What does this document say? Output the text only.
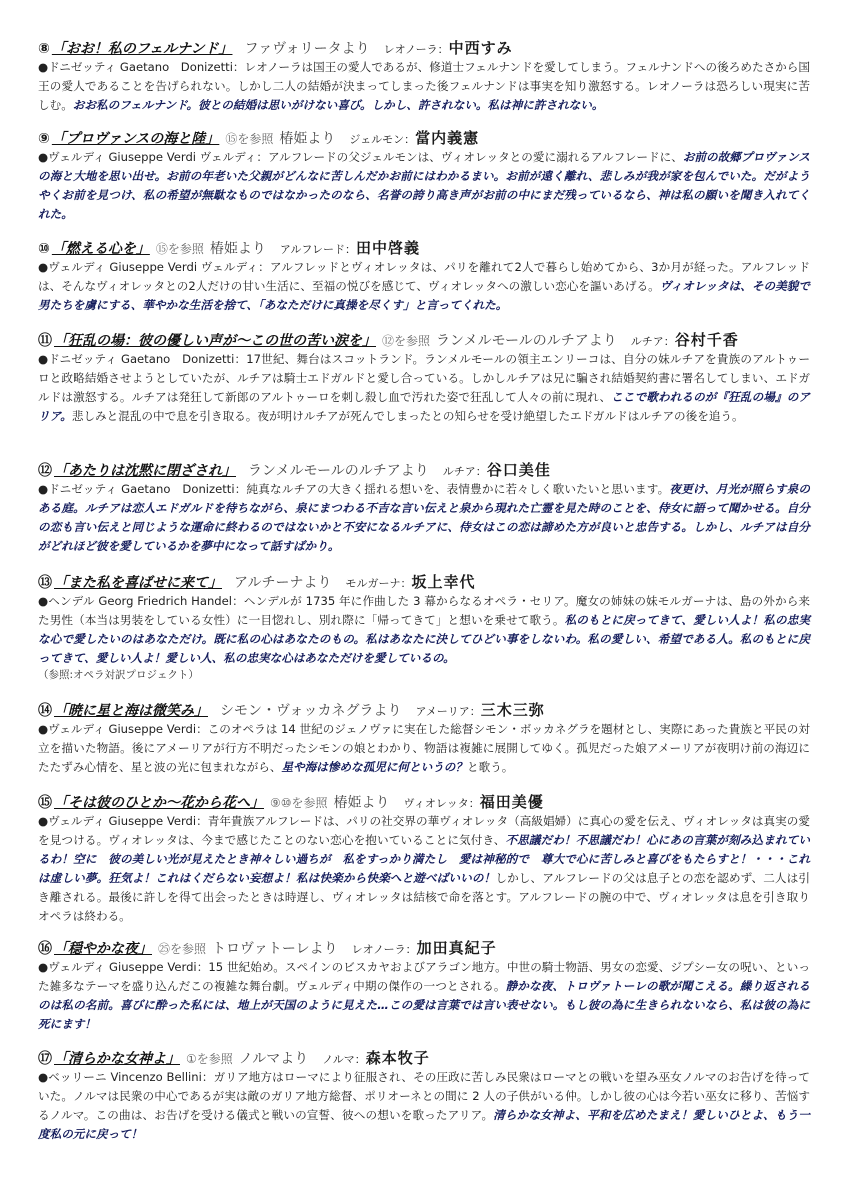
⑧ 「おお！私のフェルナンド」 ファヴォリータより レオノーラ：中西すみ

●ドニゼッティ Gaetano　Donizetti：レオノーラは国王の愛人であるが、修道士フェルナンドを愛してしまう。フェルナンドへの後ろめたさから国王の愛人であることを告げられない。しかし二人の結婚が決まってしまった後フェルナンドは事実を知り激怒する。レオノーラは恐ろしい現実に苦しむ。おお私のフェルナンド。彼との結婚は思いがけない喜び。しかし、許されない。私は神に許されない。

⑨ 「プロヴァンスの海と陸」 ⑮を参照 椿姫より ジェルモン：當内義憲

●ヴェルディ Giuseppe Verdi ヴェルディ：アルフレードの父ジェルモンは、ヴィオレッタとの愛に溺れるアルフレードに、お前の故郷プロヴァンスの海と大地を思い出せ。お前の年老いた父親がどんなに苦しんだかお前にはわかるまい。お前が遠く離れ、悲しみが我が家を包んでいた。だがようやくお前を見つけ、私の希望が無駄なものではなかったのなら、名誉の誇り高き声がお前の中にまだ残っているなら、神は私の願いを聞き入れてくれた。

⑩ 「燃える心を」 ⑮を参照 椿姫より アルフレード：田中啓義

●ヴェルディ Giuseppe Verdi ヴェルディ：アルフレッドとヴィオレッタは、パリを離れて2人で暮らし始めてから、3か月が経った。アルフレッドは、そんなヴィオレッタとの2人だけの甘い生活に、至福の悦びを感じて、ヴィオレッタへの激しい恋心を謳いあげる。ヴィオレッタは、その美貌で男たちを虜にする、華やかな生活を捨て、「あなただけに真操を尽くす」と言ってくれた。

⑪ 「狂乱の場：彼の優しい声が〜この世の苦い涙を」 ⑫を参照 ランメルモールのルチアより ルチア：谷村千香

●ドニゼッティ Gaetano　Donizetti：17世紀、舞台はスコットランド。ランメルモールの領主エンリーコは、自分の妹ルチアを貴族のアルトゥーロと政略結婚させようとしていたが、ルチアは騎士エドガルドと愛し合っている。しかしルチアは兄に騙され結婚契約書に署名してしまい、エドガルドは激怒する。ルチアは発狂して新郎のアルトゥーロを刺し殺し血で汚れた姿で狂乱して人々の前に現れ、ここで歌われるのが『狂乱の場』のアリア。悲しみと混乱の中で息を引き取る。夜が明けルチアが死んでしまったとの知らせを受け絶望したエドガルドはルチアの後を追う。

⑫ 「あたりは沈黙に閉ざされ」 ランメルモールのルチアより ルチア：谷口美佳

●ドニゼッティ Gaetano　Donizetti：純真なルチアの大きく揺れる想いを、表情豊かに若々しく歌いたいと思います。夜更け、月光が照らす泉のある庭。ルチアは恋人エドガルドを待ちながら、泉にまつわる不吉な言い伝えと泉から現れた亡霊を見た時のことを、侍女に語って聞かせる。自分の恋も言い伝えと同じような運命に終わるのではないかと不安になるルチアに、侍女はこの恋は諦めた方が良いと忠告する。しかし、ルチアは自分がどれほど彼を愛しているかを夢中になって話すばかり。

⑬ 「また私を喜ばせに来て」 アルチーナより モルガーナ：坂上幸代

●ヘンデル Georg Friedrich Handel：ヘンデルが 1735 年に作曲した 3 幕からなるオペラ・セリア。魔女の姉妹の妹モルガーナは、島の外から来た男性（本当は男装をしている女性）に一目惚れし、別れ際に「帰ってきて」と想いを乗せて歌う。私のもとに戻ってきて、愛しい人よ！私の忠実な心で愛したいのはあなただけ。既に私の心はあなたのもの。私はあなたに決してひどい事をしないわ。私の愛しい、希望である人。私のもとに戻ってきて、愛しい人よ！愛しい人、私の忠実な心はあなただけを愛しているの。

（参照:オペラ対訳プロジェクト）

⑭ 「暁に星と海は微笑み」 シモン・ヴォッカネグラより アメーリア：三木三弥

●ヴェルディ Giuseppe Verdi：このオペラは 14 世紀のジェノヴァに実在した総督シモン・ボッカネグラを題材とし、実際にあった貴族と平民の対立を描いた物語。後にアメーリアが行方不明だったシモンの娘とわかり、物語は複雑に展開してゆく。孤児だった娘アメーリアが夜明け前の海辺にたたずみ心情を、星と波の光に包まれながら、星や海は惨めな孤児に何というの？と歌う。

⑮ 「そは彼のひとか〜花から花へ」 ⑨⑩を参照 椿姫より ヴィオレッタ：福田美優

●ヴェルディ Giuseppe Verdi：青年貴族アルフレードは、パリの社交界の華ヴィオレッタ（高級娼婦）に真心の愛を伝え、ヴィオレッタは真実の愛を見つける。ヴィオレッタは、今まで感じたことのない恋心を抱いていることに気付き、不思議だわ！不思議だわ！心にあの言葉が刻み込まれているわ！空に　彼の美しい光が見えたとき神々しい過ちが　私をすっかり満たし　愛は神秘的で　尊大で心に苦しみと喜びをもたらすと！・・・これは虚しい夢。狂気よ！これはくだらない妄想よ！私は快楽から快楽へと遊べばいいの！しかし、アルフレードの父は息子との恋を認めず、二人は引き離される。最後に許しを得て出会ったときは時遅し、ヴィオレッタは結核で命を落とす。アルフレードの腕の中で、ヴィオレッタは息を引き取りオペラは終わる。

⑯ 「穏やかな夜」 ㉕を参照 トロヴァトーレより レオノーラ：加田真紀子

●ヴェルディ Giuseppe Verdi：15 世紀始め。スペインのビスカヤおよびアラゴン地方。中世の騎士物語、男女の恋愛、ジプシー女の呪い、といった雑多なテーマを盛り込んだこの複雑な舞台劇。ヴェルディ中期の傑作の一つとされる。静かな夜、トロヴァトーレの歌が聞こえる。繰り返されるのは私の名前。喜びに酔った私には、地上が天国のように見えた…この愛は言葉では言い表せない。もし彼の為に生きられないなら、私は彼の為に死にます！

⑰ 「清らかな女神よ」 ①を参照 ノルマより ノルマ：森本牧子

●ベッリーニ Vincenzo Bellini：ガリア地方はローマにより征服され、その圧政に苦しみ民衆はローマとの戦いを望み巫女ノルマのお告げを待っていた。ノルマは民衆の中心であるが実は敵のガリア地方総督、ポリオーネとの間に 2 人の子供がいる仲。しかし彼の心は今若い巫女に移り、苦悩するノルマ。この曲は、お告げを受ける儀式と戦いの宣誓、彼への想いを歌ったアリア。清らかな女神よ、平和を広めたまえ！愛しいひとよ、もう一度私の元に戻って！
